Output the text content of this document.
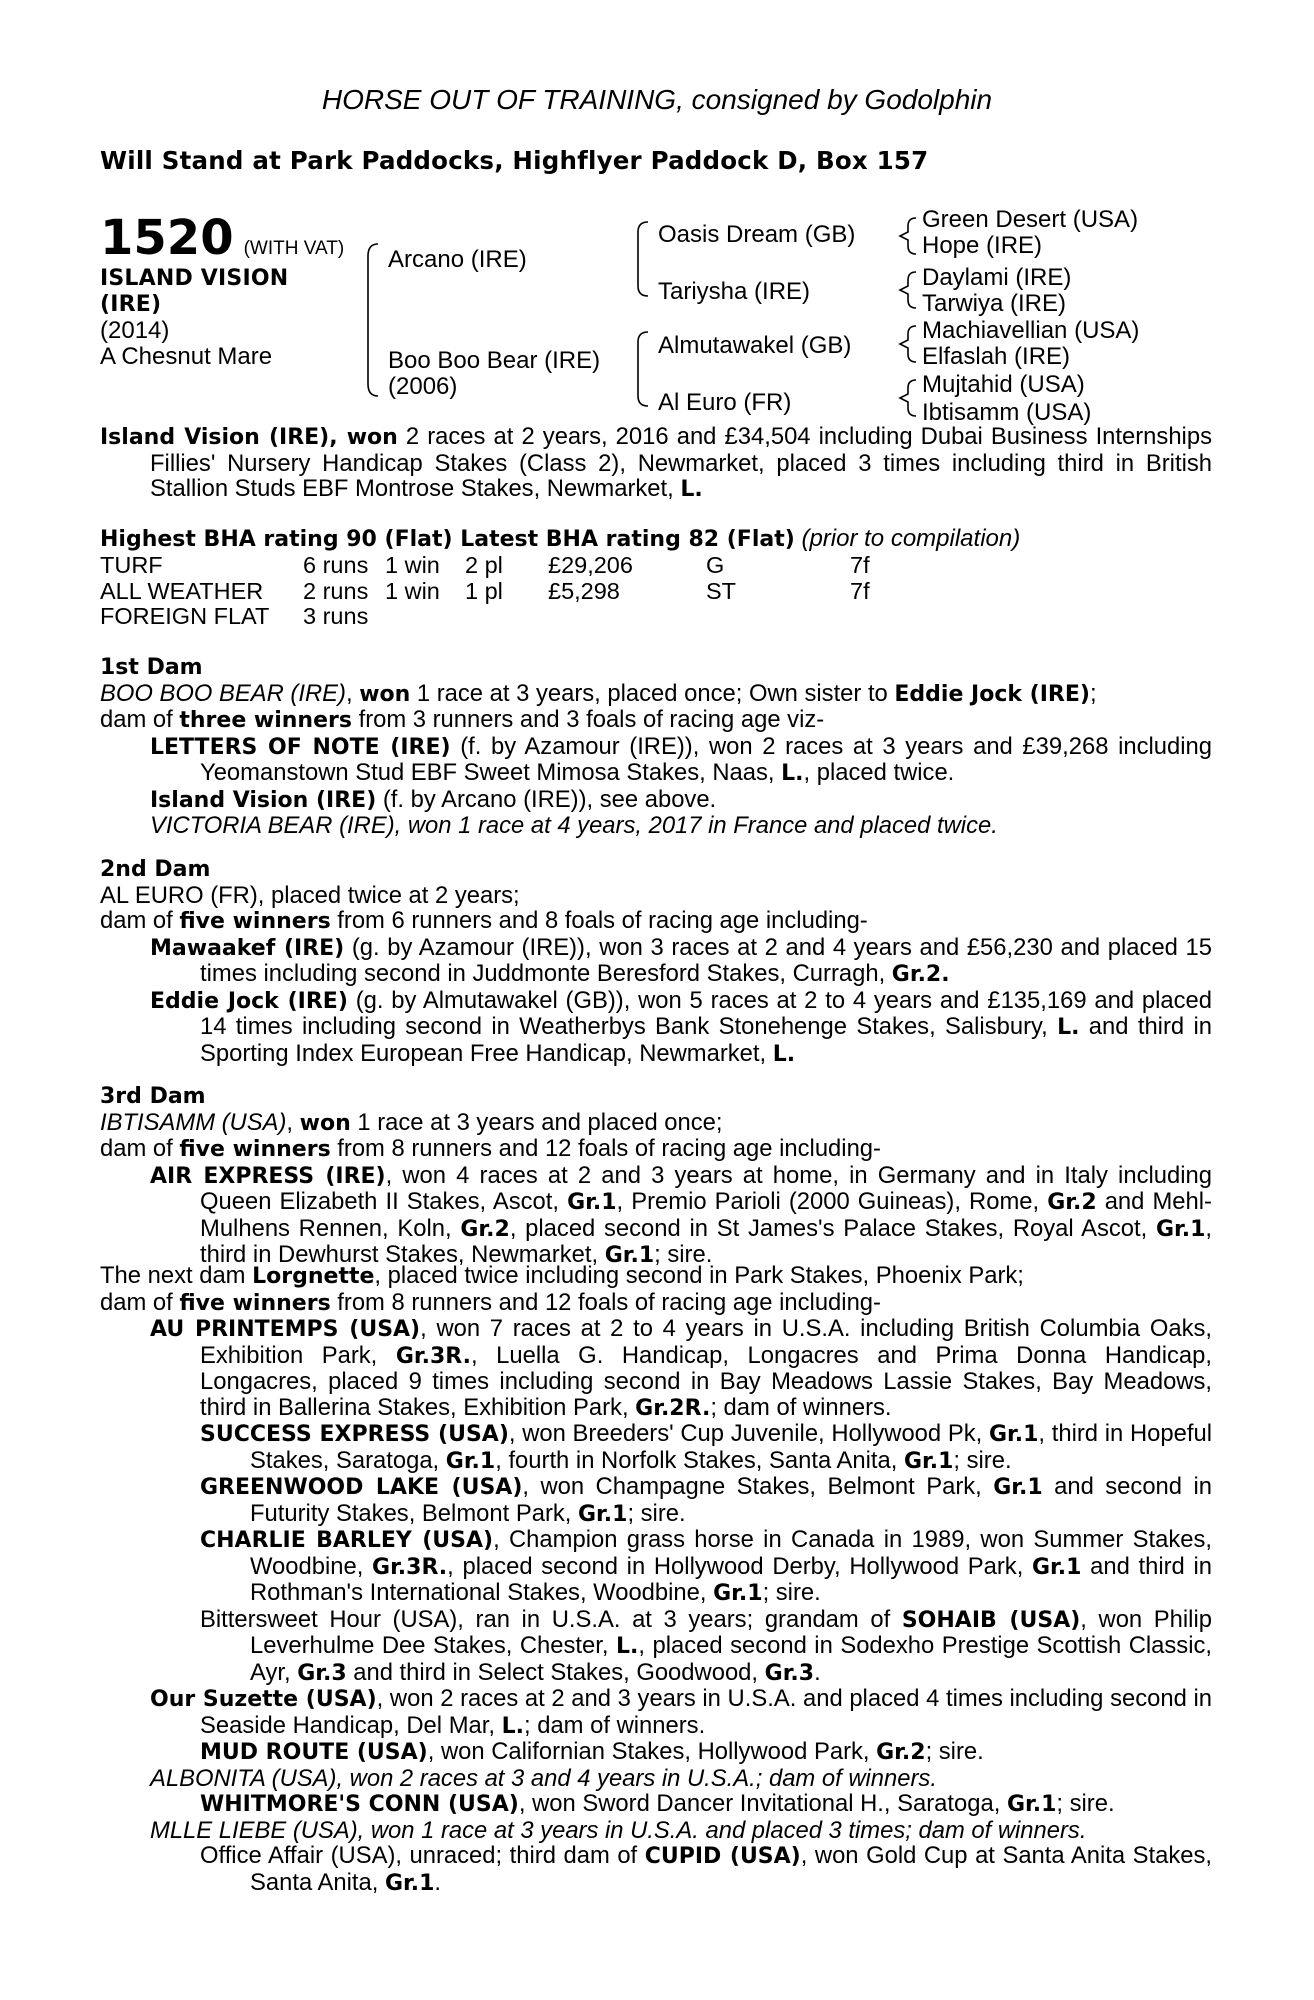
HORSE OUT OF TRAINING, consigned by Godolphin
Will Stand at Park Paddocks, Highflyer Paddock D, Box 157
1520 (WITH VAT)
ISLAND VISION
(IRE)
(2014)
A Chesnut Mare
Arcano (IRE)
Boo Boo Bear (IRE)
(2006)
Oasis Dream (GB)
Tariysha (IRE)
Almutawakel (GB)
Al Euro (FR)
Green Desert (USA)
Hope (IRE)
Daylami (IRE)
Tarwiya (IRE)
Machiavellian (USA)
Elfaslah (IRE)
Mujtahid (USA)
Ibtisamm (USA)

Island Vision (IRE), won 2 races at 2 years, 2016 and £34,504 including Dubai Business Internships Fillies' Nursery Handicap Stakes (Class 2), Newmarket, placed 3 times including third in British Stallion Studs EBF Montrose Stakes, Newmarket, L.

Highest BHA rating 90 (Flat) Latest BHA rating 82 (Flat) (prior to compilation)
TURF	6 runs 1 win 2 pl £29,206	G	7f
ALL WEATHER 2 runs 1 win 1 pl £5,298	ST	7f
FOREIGN FLAT 3 runs

1st Dam

BOO BOO BEAR (IRE), won 1 race at 3 years, placed once; Own sister to Eddie Jock (IRE);

dam of three winners from 3 runners and 3 foals of racing age viz-

LETTERS OF NOTE (IRE) (f. by Azamour (IRE)), won 2 races at 3 years and £39,268 including Yeomanstown Stud EBF Sweet Mimosa Stakes, Naas, L., placed twice.

Island Vision (IRE) (f. by Arcano (IRE)), see above.

VICTORIA BEAR (IRE), won 1 race at 4 years, 2017 in France and placed twice.

2nd Dam

AL EURO (FR), placed twice at 2 years;

dam of five winners from 6 runners and 8 foals of racing age including-

Mawaakef (IRE) (g. by Azamour (IRE)), won 3 races at 2 and 4 years and £56,230 and placed 15 times including second in Juddmonte Beresford Stakes, Curragh, Gr.2.

Eddie Jock (IRE) (g. by Almutawakel (GB)), won 5 races at 2 to 4 years and £135,169 and placed 14 times including second in Weatherbys Bank Stonehenge Stakes, Salisbury, L. and third in Sporting Index European Free Handicap, Newmarket, L.

3rd Dam

IBTISAMM (USA), won 1 race at 3 years and placed once;

dam of five winners from 8 runners and 12 foals of racing age including-

AIR EXPRESS (IRE), won 4 races at 2 and 3 years at home, in Germany and in Italy including Queen Elizabeth II Stakes, Ascot, Gr.1, Premio Parioli (2000 Guineas), Rome, Gr.2 and Mehl-Mulhens Rennen, Koln, Gr.2, placed second in St James's Palace Stakes, Royal Ascot, Gr.1, third in Dewhurst Stakes, Newmarket, Gr.1; sire.

The next dam Lorgnette, placed twice including second in Park Stakes, Phoenix Park;

dam of five winners from 8 runners and 12 foals of racing age including-

AU PRINTEMPS (USA), won 7 races at 2 to 4 years in U.S.A. including British Columbia Oaks, Exhibition Park, Gr.3R., Luella G. Handicap, Longacres and Prima Donna Handicap, Longacres, placed 9 times including second in Bay Meadows Lassie Stakes, Bay Meadows, third in Ballerina Stakes, Exhibition Park, Gr.2R.; dam of winners.

SUCCESS EXPRESS (USA), won Breeders' Cup Juvenile, Hollywood Pk, Gr.1, third in Hopeful Stakes, Saratoga, Gr.1, fourth in Norfolk Stakes, Santa Anita, Gr.1; sire.

GREENWOOD LAKE (USA), won Champagne Stakes, Belmont Park, Gr.1 and second in Futurity Stakes, Belmont Park, Gr.1; sire.

CHARLIE BARLEY (USA), Champion grass horse in Canada in 1989, won Summer Stakes, Woodbine, Gr.3R., placed second in Hollywood Derby, Hollywood Park, Gr.1 and third in Rothman's International Stakes, Woodbine, Gr.1; sire.

Bittersweet Hour (USA), ran in U.S.A. at 3 years; grandam of SOHAIB (USA), won Philip Leverhulme Dee Stakes, Chester, L., placed second in Sodexho Prestige Scottish Classic, Ayr, Gr.3 and third in Select Stakes, Goodwood, Gr.3.

Our Suzette (USA), won 2 races at 2 and 3 years in U.S.A. and placed 4 times including second in Seaside Handicap, Del Mar, L.; dam of winners.

MUD ROUTE (USA), won Californian Stakes, Hollywood Park, Gr.2; sire.

ALBONITA (USA), won 2 races at 3 and 4 years in U.S.A.; dam of winners.

WHITMORE'S CONN (USA), won Sword Dancer Invitational H., Saratoga, Gr.1; sire.

MLLE LIEBE (USA), won 1 race at 3 years in U.S.A. and placed 3 times; dam of winners.

Office Affair (USA), unraced; third dam of CUPID (USA), won Gold Cup at Santa Anita Stakes, Santa Anita, Gr.1.
